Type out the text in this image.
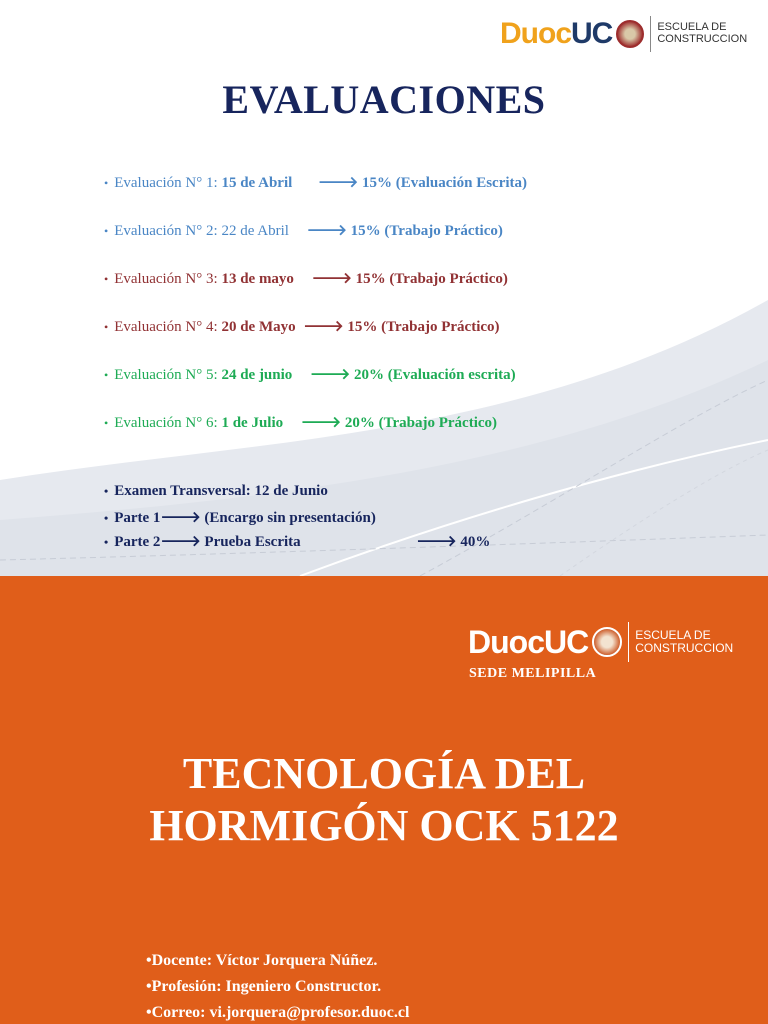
Duoc UC	ESCUELA DE
CONSTRUCCION
EVALUACIONES
• Evaluación N° 1: 15 de Abril 🡒 15% (Evaluación Escrita)
• Evaluación N° 2: 22 de Abril 🡒 15% (Trabajo Práctico)
• Evaluación N° 3: 13 de mayo 🡒 15% (Trabajo Práctico)
• Evaluación N° 4: 20 de Mayo 🡒 15% (Trabajo Práctico)
• Evaluación N° 5: 24 de junio 🡒 20% (Evaluación escrita)
• Evaluación N° 6: 1 de Julio 🡒 20% (Trabajo Práctico)
• Examen Transversal: 12 de Junio
• Parte 1🡒 (Encargo sin presentación)
• Parte 2🡒 Prueba Escrita	🡒 40%
Duoc UC	ESCUELA DE
CONSTRUCCION
SEDE MELIPILLA
TECNOLOGÍA DEL
HORMIGÓN OCK 5122
•Docente: Víctor Jorquera Núñez.
•Profesión: Ingeniero Constructor.
•Correo: vi.jorquera@profesor.duoc.cl
